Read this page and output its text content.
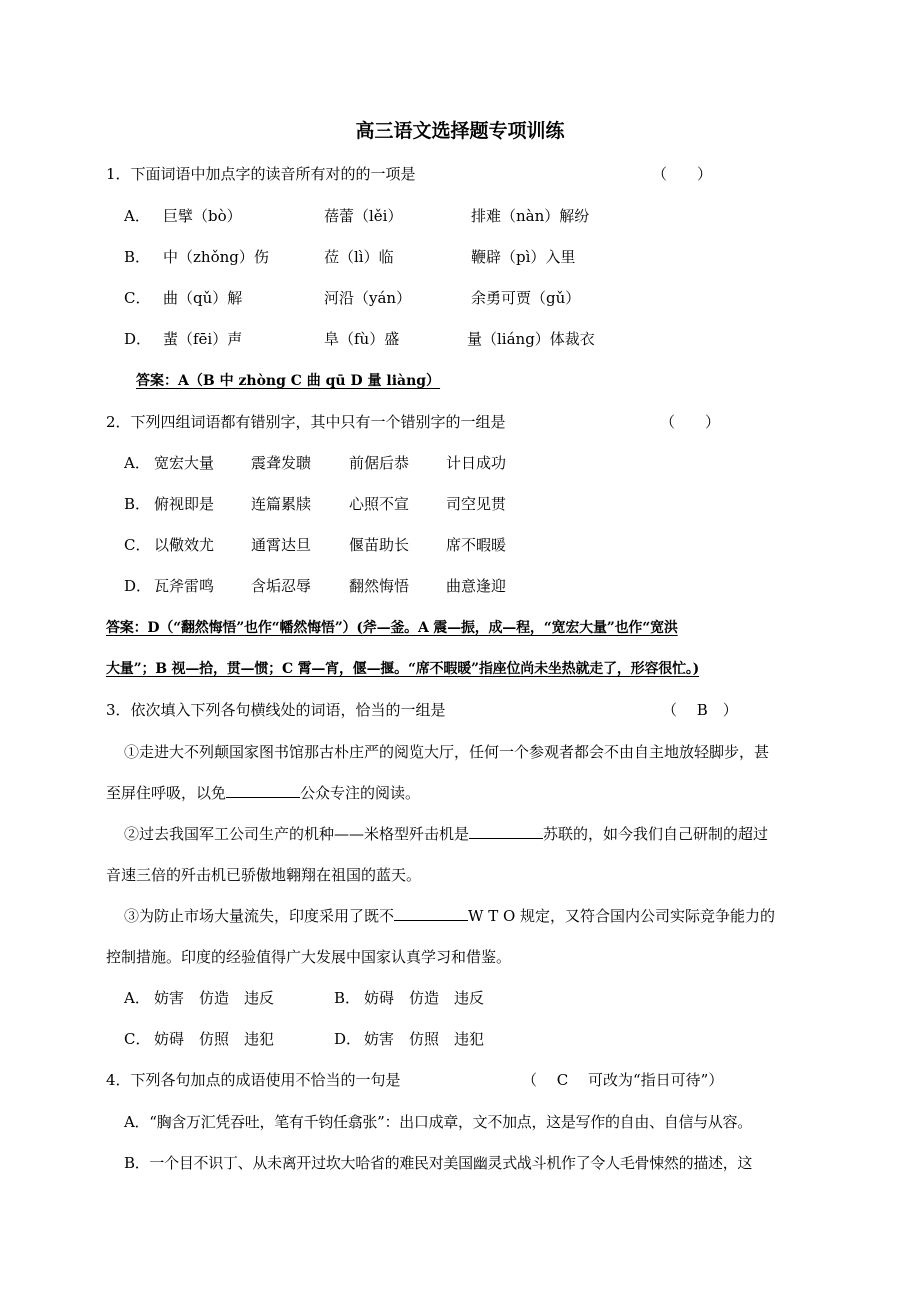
高三语文选择题专项训练
1．下面词语中加点字的读音所有对的的一项是	（　　）
A． 巨擘（bò）	蓓蕾（lěi）	排难（nàn）解纷
B． 中（zhǒng）伤	莅（lì）临	鞭辟（pì）入里
C． 曲（qǔ）解	河沿（yán）	余勇可贾（gǔ）
D． 蜚（fēi）声	阜（fù）盛	量（liáng）体裁衣
答案：A（B 中 zhòng C 曲 qū D 量 liàng）
2．下列四组词语都有错别字，其中只有一个错别字的一组是	（　　）
A． 宽宏大量 震聋发聩	前倨后恭 计日成功
B． 俯视即是 连篇累牍	心照不宣 司空见贯
C． 以儆效尤 通霄达旦	偃苗助长 席不暇暖
D． 瓦斧雷鸣 含垢忍辱	翻然悔悟 曲意逢迎
答案：D（“翻然悔悟”也作“幡然悔悟”）(斧—釜。A 震—振，成—程，“宽宏大量”也作“宽洪
大量”；B 视—拾，贯—惯；C 霄—宵，偃—揠。“席不暇暖”指座位尚未坐热就走了，形容很忙。)
3．依次填入下列各句横线处的词语，恰当的一组是	（　 B　）
①走进大不列颠国家图书馆那古朴庄严的阅览大厅，任何一个参观者都会不由自主地放轻脚步，甚
至屏住呼吸，以免	公众专注的阅读。
②过去我国军工公司生产的机种——米格型歼击机是	苏联的，如今我们自己研制的超过
音速三倍的歼击机已骄傲地翱翔在祖国的蓝天。
③为防止市场大量流失，印度采用了既不	W T O 规定，又符合国内公司实际竞争能力的
控制措施。印度的经验值得广大发展中国家认真学习和借鉴。
A． 妨害　仿造　违反	B． 妨碍　仿造　违反
C． 妨碍　仿照　违犯	D． 妨害　仿照　违犯
4．下列各句加点的成语使用不恰当的一句是	（　 C　 可改为“指日可待”）
A．“胸含万汇凭吞吐，笔有千钧任翕张”：出口成章，文不加点，这是写作的自由、自信与从容。
B．一个目不识丁、从未离开过坎大哈省的难民对美国幽灵式战斗机作了令人毛骨悚然的描述，这
